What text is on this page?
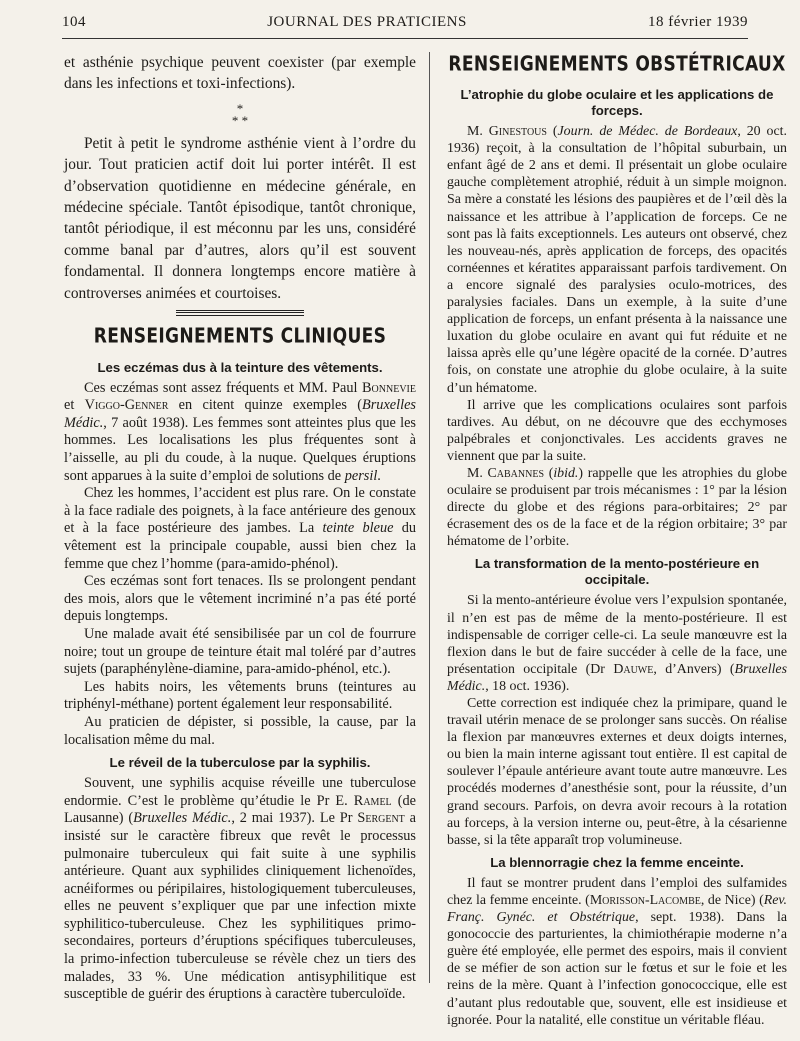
104	JOURNAL DES PRATICIENS	18 février 1939

et asthénie psychique peuvent coexister (par exemple dans les infections et toxi-infections).

*
* *

Petit à petit le syndrome asthénie vient à l’ordre du jour. Tout praticien actif doit lui porter intérêt. Il est d’observation quotidienne en médecine générale, en médecine spéciale. Tantôt épisodique, tantôt chronique, tantôt périodique, il est méconnu par les uns, considéré comme banal par d’autres, alors qu’il est souvent fondamental. Il donnera longtemps encore matière à controverses animées et courtoises.

RENSEIGNEMENTS CLINIQUES
Les eczémas dus à la teinture des vêtements.

Ces eczémas sont assez fréquents et MM. Paul Bonnevie et Viggo-Genner en citent quinze exemples (Bruxelles Médic., 7 août 1938). Les femmes sont atteintes plus que les hommes. Les localisations les plus fréquentes sont à l’aisselle, au pli du coude, à la nuque. Quelques éruptions sont apparues à la suite d’emploi de solutions de persil.

Chez les hommes, l’accident est plus rare. On le constate à la face radiale des poignets, à la face antérieure des genoux et à la face postérieure des jambes. La teinte bleue du vêtement est la principale coupable, aussi bien chez la femme que chez l’homme (para-amido-phénol).

Ces eczémas sont fort tenaces. Ils se prolongent pendant des mois, alors que le vêtement incriminé n’a pas été porté depuis longtemps.

Une malade avait été sensibilisée par un col de fourrure noire; tout un groupe de teinture était mal toléré par d’autres sujets (paraphénylène-diamine, para-amido-phénol, etc.).

Les habits noirs, les vêtements bruns (teintures au triphényl-méthane) portent également leur responsabilité.

Au praticien de dépister, si possible, la cause, par la localisation même du mal.

Le réveil de la tuberculose par la syphilis.

Souvent, une syphilis acquise réveille une tuberculose endormie. C’est le problème qu’étudie le Pr E. Ramel (de Lausanne) (Bruxelles Médic., 2 mai 1937). Le Pr Sergent a insisté sur le caractère fibreux que revêt le processus pulmonaire tuberculeux qui fait suite à une syphilis antérieure. Quant aux syphilides cliniquement lichenoïdes, acnéiformes ou péripilaires, histologiquement tuberculeuses, elles ne peuvent s’expliquer que par une infection mixte syphilitico-tuberculeuse. Chez les syphilitiques primo-secondaires, porteurs d’éruptions spécifiques tuberculeuses, la primo-infection tuberculeuse se révèle chez un tiers des malades, 33 %. Une médication antisyphilitique est susceptible de guérir des éruptions à caractère tuberculoïde.

RENSEIGNEMENTS OBSTÉTRICAUX
L’atrophie du globe oculaire et les applications de forceps.

M. Ginestous (Journ. de Médec. de Bordeaux, 20 oct. 1936) reçoit, à la consultation de l’hôpital suburbain, un enfant âgé de 2 ans et demi. Il présentait un globe oculaire gauche complètement atrophié, réduit à un simple moignon. Sa mère a constaté les lésions des paupières et de l’œil dès la naissance et les attribue à l’application de forceps. Ce ne sont pas là faits exceptionnels. Les auteurs ont observé, chez les nouveau-nés, après application de forceps, des opacités cornéennes et kératites apparaissant parfois tardivement. On a encore signalé des paralysies oculo-motrices, des paralysies faciales. Dans un exemple, à la suite d’une application de forceps, un enfant présenta à la naissance une luxation du globe oculaire en avant qui fut réduite et ne laissa après elle qu’une légère opacité de la cornée. D’autres fois, on constate une atrophie du globe oculaire, à la suite d’un hématome.

Il arrive que les complications oculaires sont parfois tardives. Au début, on ne découvre que des ecchymoses palpébrales et conjonctivales. Les accidents graves ne viennent que par la suite.

M. Cabannes (ibid.) rappelle que les atrophies du globe oculaire se produisent par trois mécanismes : 1° par la lésion directe du globe et des régions para-orbitaires; 2° par écrasement des os de la face et de la région orbitaire; 3° par hématome de l’orbite.

La transformation de la mento-postérieure en occipitale.

Si la mento-antérieure évolue vers l’expulsion spontanée, il n’en est pas de même de la mento-postérieure. Il est indispensable de corriger celle-ci. La seule manœuvre est la flexion dans le but de faire succéder à celle de la face, une présentation occipitale (Dr Dauwe, d’Anvers) (Bruxelles Médic., 18 oct. 1936).

Cette correction est indiquée chez la primipare, quand le travail utérin menace de se prolonger sans succès. On réalise la flexion par manœuvres externes et deux doigts internes, ou bien la main interne agissant tout entière. Il est capital de soulever l’épaule antérieure avant toute autre manœuvre. Les procédés modernes d’anesthésie sont, pour la réussite, d’un grand secours. Parfois, on devra avoir recours à la rotation au forceps, à la version interne ou, peut-être, à la césarienne basse, si la tête apparaît trop volumineuse.

La blennorragie chez la femme enceinte.

Il faut se montrer prudent dans l’emploi des sulfamides chez la femme enceinte. (Morisson-Lacombe, de Nice) (Rev. Franç. Gynéc. et Obstétrique, sept. 1938). Dans la gonococcie des parturientes, la chimiothérapie moderne n’a guère été employée, elle permet des espoirs, mais il convient de se méfier de son action sur le fœtus et sur le foie et les reins de la mère. Quant à l’infection gonococcique, elle est d’autant plus redoutable que, souvent, elle est insidieuse et ignorée. Pour la natalité, elle constitue un véritable fléau.
